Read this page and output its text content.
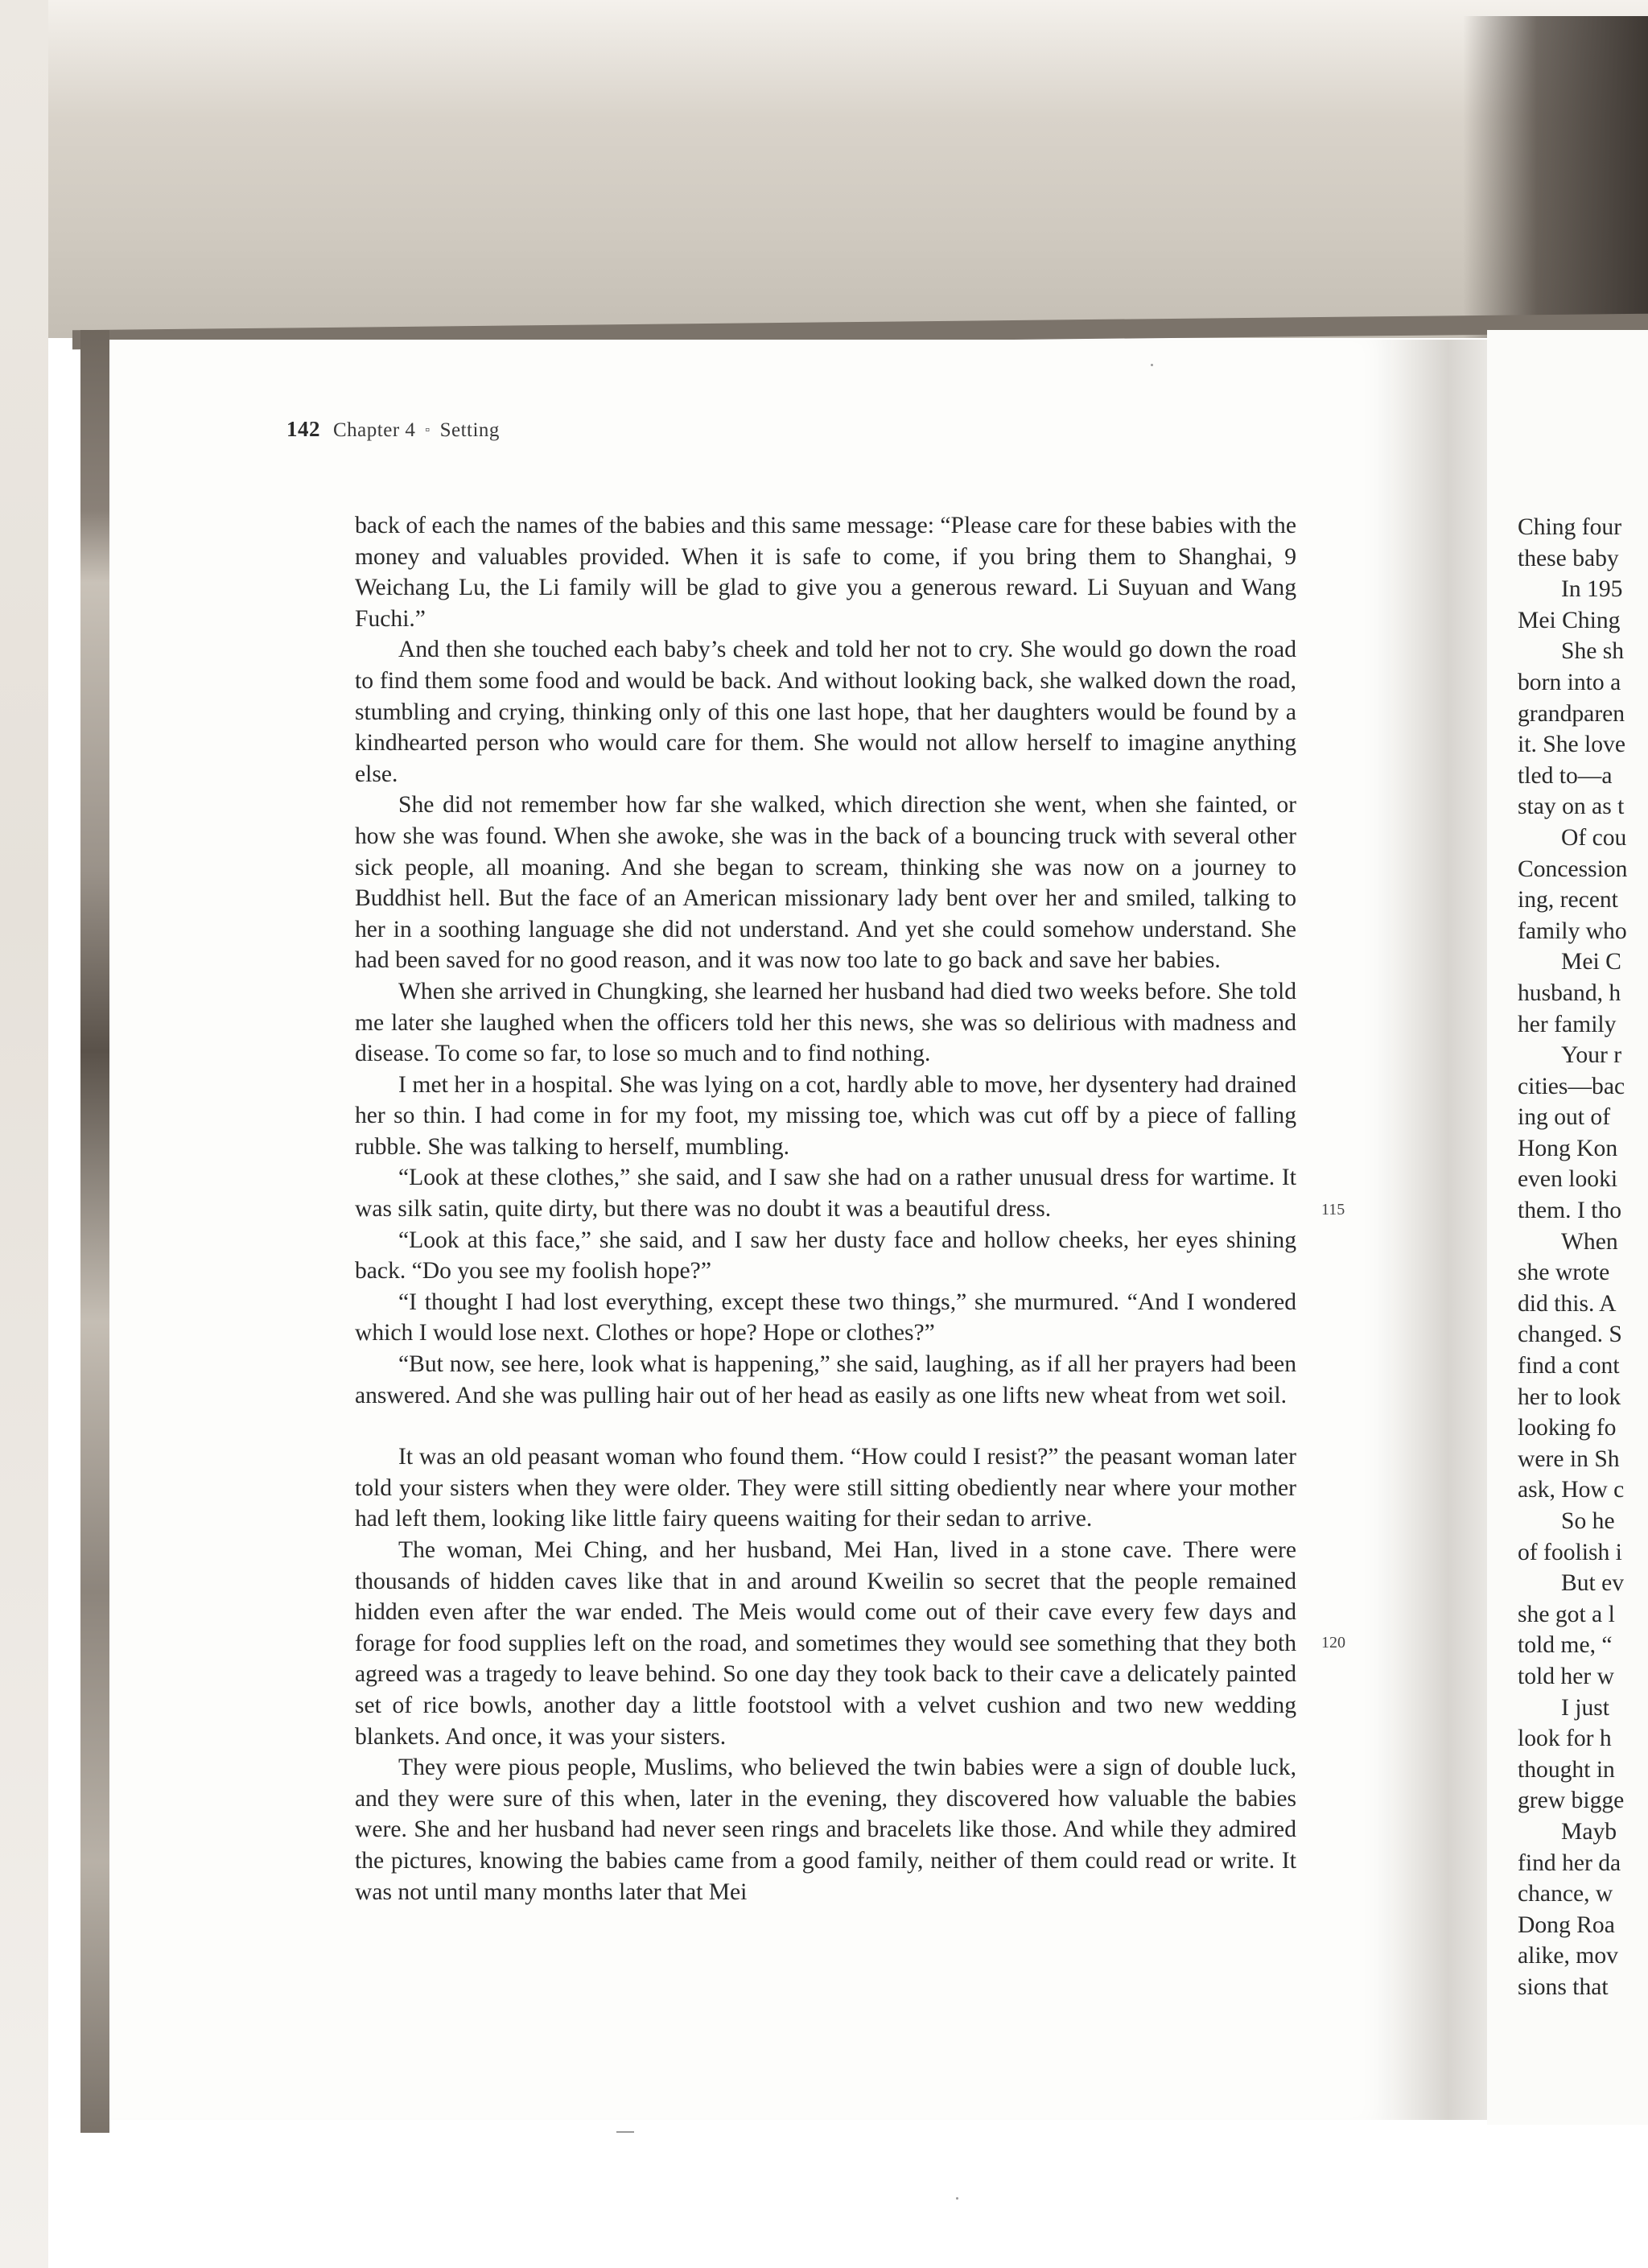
142 Chapter 4 ▫ Setting

back of each the names of the babies and this same message: “Please care for these babies with the money and valuables provided. When it is safe to come, if you bring them to Shanghai, 9 Weichang Lu, the Li family will be glad to give you a generous reward. Li Suyuan and Wang Fuchi.”

And then she touched each baby’s cheek and told her not to cry. She would go down the road to find them some food and would be back. And without looking back, she walked down the road, stumbling and crying, thinking only of this one last hope, that her daughters would be found by a kindhearted person who would care for them. She would not allow herself to imagine anything else.

She did not remember how far she walked, which direction she went, when she fainted, or how she was found. When she awoke, she was in the back of a bouncing truck with several other sick people, all moaning. And she began to scream, thinking she was now on a journey to Buddhist hell. But the face of an American missionary lady bent over her and smiled, talking to her in a soothing language she did not understand. And yet she could somehow understand. She had been saved for no good reason, and it was now too late to go back and save her babies.

When she arrived in Chungking, she learned her husband had died two weeks before. She told me later she laughed when the officers told her this news, she was so delirious with madness and disease. To come so far, to lose so much and to find nothing.

I met her in a hospital. She was lying on a cot, hardly able to move, her dysentery had drained her so thin. I had come in for my foot, my missing toe, which was cut off by a piece of falling rubble. She was talking to herself, mumbling.

“Look at these clothes,” she said, and I saw she had on a rather unusual dress for wartime. It was silk satin, quite dirty, but there was no doubt it was a beautiful dress.

“Look at this face,” she said, and I saw her dusty face and hollow cheeks, her eyes shining back. “Do you see my foolish hope?”

“I thought I had lost everything, except these two things,” she murmured. “And I wondered which I would lose next. Clothes or hope? Hope or clothes?”

“But now, see here, look what is happening,” she said, laughing, as if all her prayers had been answered. And she was pulling hair out of her head as easily as one lifts new wheat from wet soil.

It was an old peasant woman who found them. “How could I resist?” the peasant woman later told your sisters when they were older. They were still sitting obediently near where your mother had left them, looking like little fairy queens waiting for their sedan to arrive.

The woman, Mei Ching, and her husband, Mei Han, lived in a stone cave. There were thousands of hidden caves like that in and around Kweilin so secret that the people remained hidden even after the war ended. The Meis would come out of their cave every few days and forage for food supplies left on the road, and sometimes they would see something that they both agreed was a tragedy to leave behind. So one day they took back to their cave a delicately painted set of rice bowls, another day a little footstool with a velvet cushion and two new wedding blankets. And once, it was your sisters.

They were pious people, Muslims, who believed the twin babies were a sign of double luck, and they were sure of this when, later in the evening, they discovered how valuable the babies were. She and her husband had never seen rings and bracelets like those. And while they admired the pictures, knowing the babies came from a good family, neither of them could read or write. It was not until many months later that Mei

115
120
Ching four
these baby
In 195
Mei Ching
She sh
born into a
grandparen
it. She love
tled to—a
stay on as t
Of cou
Concession
ing, recent
family who
Mei C
husband, h
her family
Your r
cities—bac
ing out of
Hong Kon
even looki
them. I tho
When
she wrote
did this. A
changed. S
find a cont
her to look
looking fo
were in Sh
ask, How c
So he
of foolish i
But ev
she got a l
told me, “
told her w
I just
look for h
thought in
grew bigge
Mayb
find her da
chance, w
Dong Roa
alike, mov
sions that
